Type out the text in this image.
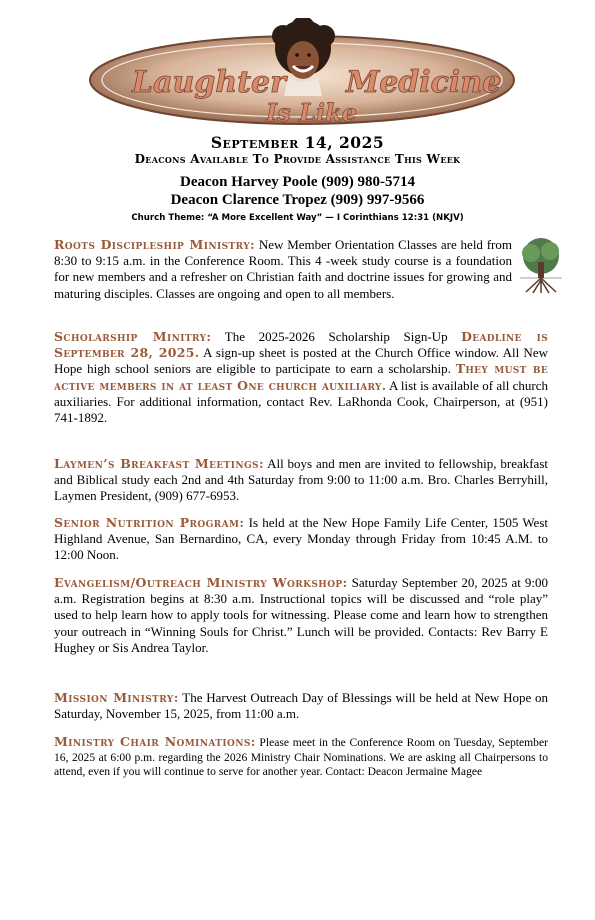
Laughter Medicine
Is Like
September 14, 2025
Deacons Available To Provide Assistance This Week
Deacon Harvey Poole (909) 980-5714
Deacon Clarence Tropez (909) 997-9566
Church Theme: “A More Excellent Way” — I Corinthians 12:31 (NKJV)
Roots Discipleship Ministry: New Member Orientation Classes are held from 8:30 to 9:15 a.m. in the Conference Room. This 4 -week study course is a foundation for new members and a refresher on Christian faith and doctrine issues for growing and maturing disciples. Classes are ongoing and open to all members.
Scholarship Minitry: The 2025-2026 Scholarship Sign-Up Deadline is September 28, 2025. A sign-up sheet is posted at the Church Office window. All New Hope high school seniors are eligible to participate to earn a scholarship. They must be active members in at least One church auxiliary. A list is available of all church auxiliaries. For additional information, contact Rev. LaRhonda Cook, Chairperson, at (951) 741-1892.
Laymen’s Breakfast Meetings: All boys and men are invited to fellowship, breakfast and Biblical study each 2nd and 4th Saturday from 9:00 to 11:00 a.m. Bro. Charles Berryhill, Laymen President, (909) 677-6953.
Senior Nutrition Program: Is held at the New Hope Family Life Center, 1505 West Highland Avenue, San Bernardino, CA, every Monday through Friday from 10:45 A.M. to 12:00 Noon.
Evangelism/Outreach Ministry Workshop: Saturday September 20, 2025 at 9:00 a.m. Registration begins at 8:30 a.m. Instructional topics will be discussed and “role play” used to help learn how to apply tools for witnessing. Please come and learn how to strengthen your outreach in “Winning Souls for Christ.” Lunch will be provided. Contacts: Rev Barry E Hughey or Sis Andrea Taylor.
Mission Ministry: The Harvest Outreach Day of Blessings will be held at New Hope on Saturday, November 15, 2025, from 11:00 a.m.
Ministry Chair Nominations: Please meet in the Conference Room on Tuesday, September 16, 2025 at 6:00 p.m. regarding the 2026 Ministry Chair Nominations. We are asking all Chairpersons to attend, even if you will continue to serve for another year. Contact: Deacon Jermaine Magee
